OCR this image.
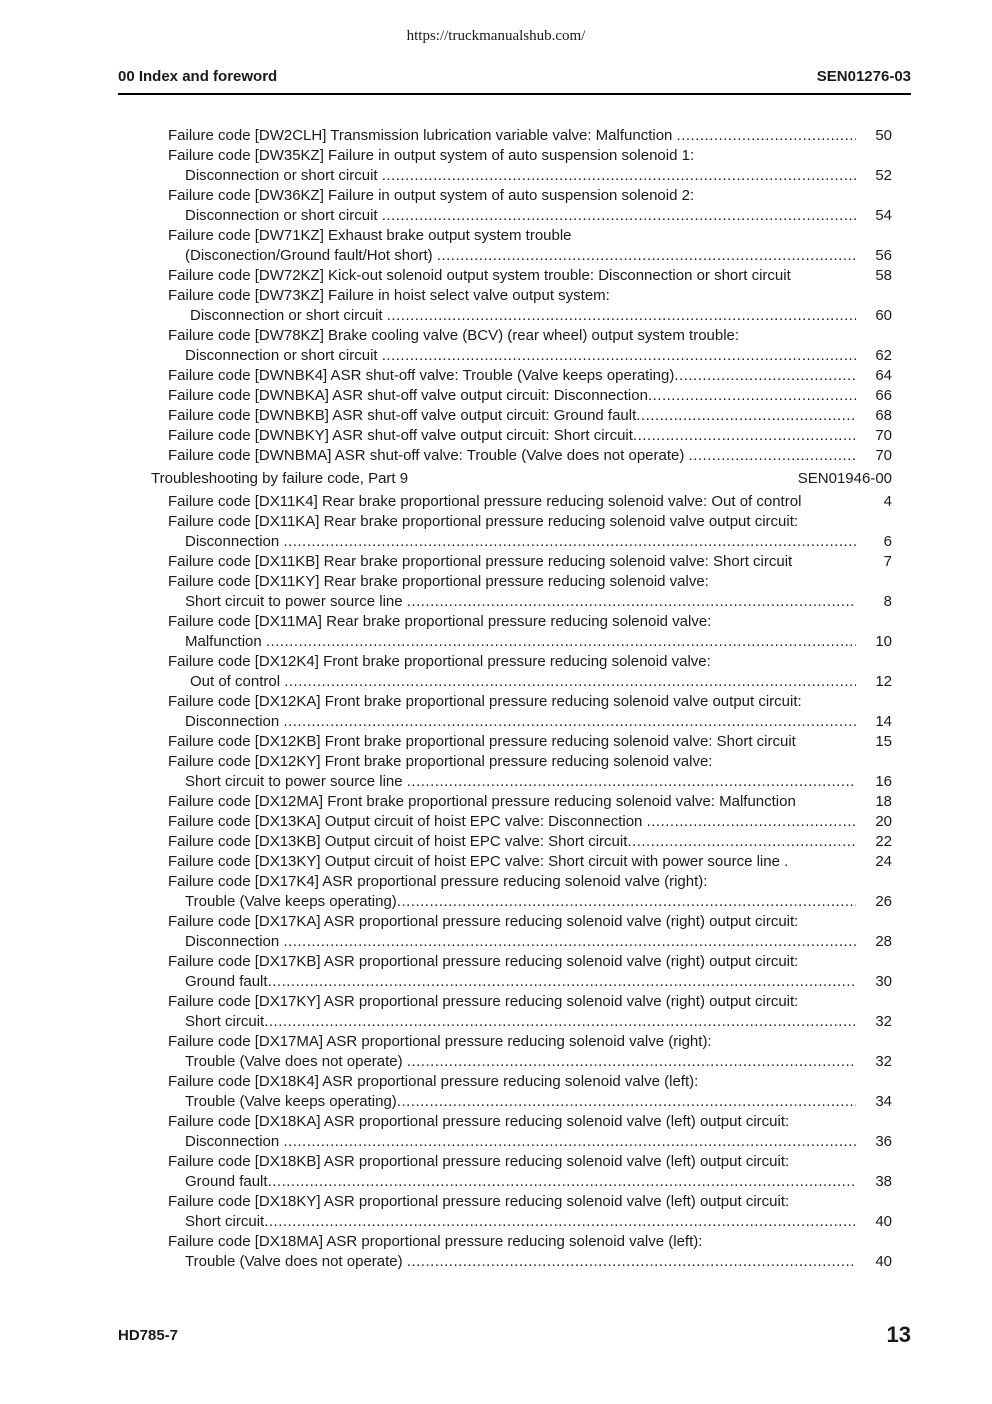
https://truckmanualshub.com/
00 Index and foreword	SEN01276-03
Failure code [DW2CLH] Transmission lubrication variable valve: Malfunction .....	50
Failure code [DW35KZ] Failure in output system of auto suspension solenoid 1:
Disconnection or short circuit .....	52
Failure code [DW36KZ] Failure in output system of auto suspension solenoid 2:
Disconnection or short circuit .....	54
Failure code [DW71KZ] Exhaust brake output system trouble
(Disconection/Ground fault/Hot short) .....	56
Failure code [DW72KZ] Kick-out solenoid output system trouble: Disconnection or short circuit	58
Failure code [DW73KZ] Failure in hoist select valve output system:
Disconnection or short circuit .....	60
Failure code [DW78KZ] Brake cooling valve (BCV) (rear wheel) output system trouble:
Disconnection or short circuit .....	62
Failure code [DWNBK4] ASR shut-off valve: Trouble (Valve keeps operating) .....	64
Failure code [DWNBKA] ASR shut-off valve output circuit: Disconnection .....	66
Failure code [DWNBKB] ASR shut-off valve output circuit: Ground fault .....	68
Failure code [DWNBKY] ASR shut-off valve output circuit: Short circuit .....	70
Failure code [DWNBMA] ASR shut-off valve: Trouble (Valve does not operate) .....	70
Troubleshooting by failure code, Part 9	SEN01946-00
Failure code [DX11K4] Rear brake proportional pressure reducing solenoid valve: Out of control	4
Failure code [DX11KA] Rear brake proportional pressure reducing solenoid valve output circuit:
Disconnection .....	6
Failure code [DX11KB] Rear brake proportional pressure reducing solenoid valve: Short circuit	7
Failure code [DX11KY] Rear brake proportional pressure reducing solenoid valve:
Short circuit to power source line .....	8
Failure code [DX11MA] Rear brake proportional pressure reducing solenoid valve:
Malfunction .....	10
Failure code [DX12K4] Front brake proportional pressure reducing solenoid valve:
Out of control .....	12
Failure code [DX12KA] Front brake proportional pressure reducing solenoid valve output circuit:
Disconnection .....	14
Failure code [DX12KB] Front brake proportional pressure reducing solenoid valve: Short circuit	15
Failure code [DX12KY] Front brake proportional pressure reducing solenoid valve:
Short circuit to power source line .....	16
Failure code [DX12MA] Front brake proportional pressure reducing solenoid valve: Malfunction	18
Failure code [DX13KA] Output circuit of hoist EPC valve: Disconnection .....	20
Failure code [DX13KB] Output circuit of hoist EPC valve: Short circuit .....	22
Failure code [DX13KY] Output circuit of hoist EPC valve: Short circuit with power source line .	24
Failure code [DX17K4] ASR proportional pressure reducing solenoid valve (right):
Trouble (Valve keeps operating) .....	26
Failure code [DX17KA] ASR proportional pressure reducing solenoid valve (right) output circuit:
Disconnection .....	28
Failure code [DX17KB] ASR proportional pressure reducing solenoid valve (right) output circuit:
Ground fault .....	30
Failure code [DX17KY] ASR proportional pressure reducing solenoid valve (right) output circuit:
Short circuit .....	32
Failure code [DX17MA] ASR proportional pressure reducing solenoid valve (right):
Trouble (Valve does not operate) .....	32
Failure code [DX18K4] ASR proportional pressure reducing solenoid valve (left):
Trouble (Valve keeps operating) .....	34
Failure code [DX18KA] ASR proportional pressure reducing solenoid valve (left) output circuit:
Disconnection .....	36
Failure code [DX18KB] ASR proportional pressure reducing solenoid valve (left) output circuit:
Ground fault .....	38
Failure code [DX18KY] ASR proportional pressure reducing solenoid valve (left) output circuit:
Short circuit .....	40
Failure code [DX18MA] ASR proportional pressure reducing solenoid valve (left):
Trouble (Valve does not operate) .....	40
HD785-7	13
